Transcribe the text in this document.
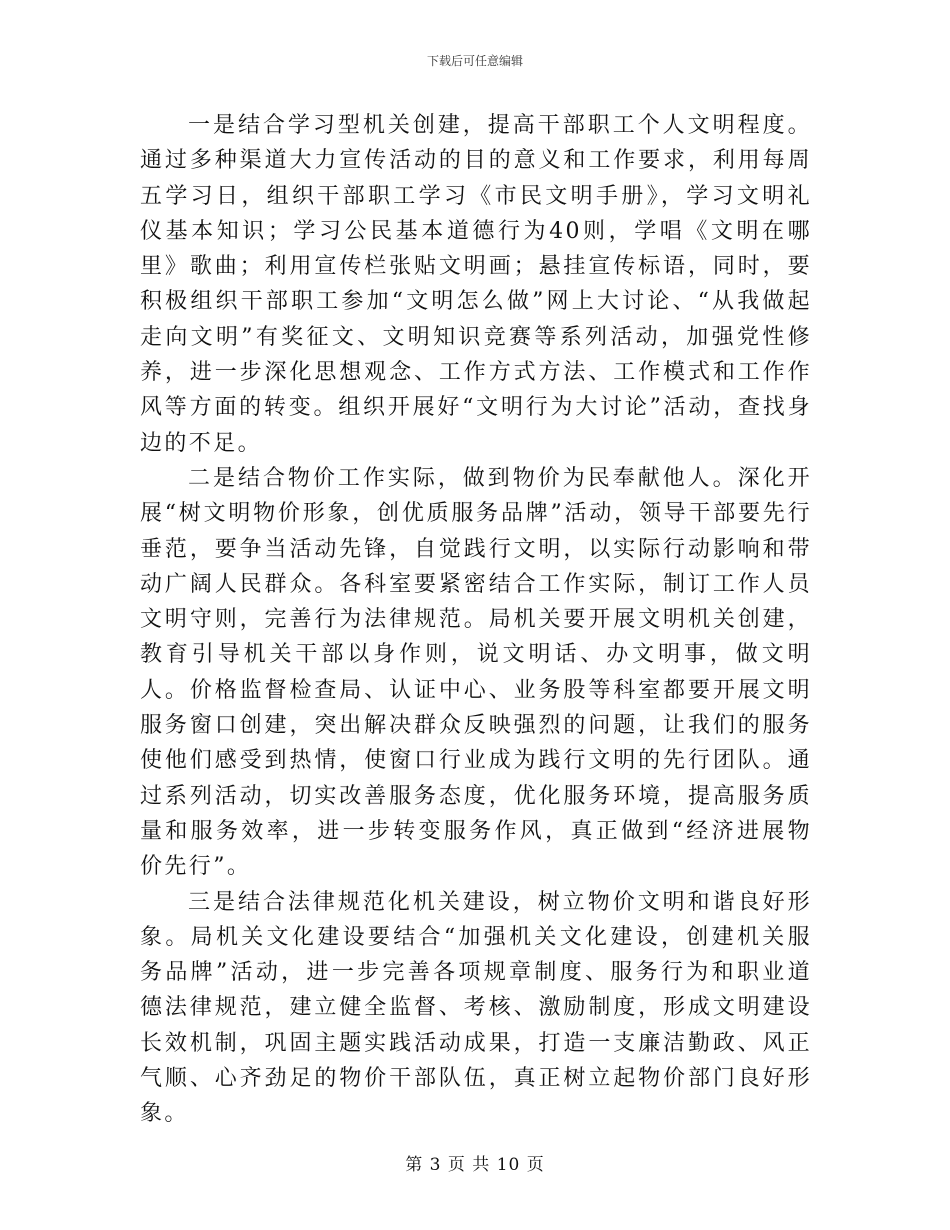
下载后可任意编辑

一是结合学习型机关创建，提高干部职工个人文明程度。通过多种渠道大力宣传活动的目的意义和工作要求，利用每周五学习日，组织干部职工学习《市民文明手册》，学习文明礼仪基本知识；学习公民基本道德行为40则，学唱《文明在哪里》歌曲；利用宣传栏张贴文明画；悬挂宣传标语，同时，要积极组织干部职工参加“文明怎么做”网上大讨论、“从我做起走向文明”有奖征文、文明知识竞赛等系列活动，加强党性修养，进一步深化思想观念、工作方式方法、工作模式和工作作风等方面的转变。组织开展好“文明行为大讨论”活动，查找身边的不足。

二是结合物价工作实际，做到物价为民奉献他人。深化开展“树文明物价形象，创优质服务品牌”活动，领导干部要先行垂范，要争当活动先锋，自觉践行文明，以实际行动影响和带动广阔人民群众。各科室要紧密结合工作实际，制订工作人员文明守则，完善行为法律规范。局机关要开展文明机关创建，教育引导机关干部以身作则，说文明话、办文明事，做文明人。价格监督检查局、认证中心、业务股等科室都要开展文明服务窗口创建，突出解决群众反映强烈的问题，让我们的服务使他们感受到热情，使窗口行业成为践行文明的先行团队。通过系列活动，切实改善服务态度，优化服务环境，提高服务质量和服务效率，进一步转变服务作风，真正做到“经济进展物价先行”。

三是结合法律规范化机关建设，树立物价文明和谐良好形象。局机关文化建设要结合“加强机关文化建设，创建机关服务品牌”活动，进一步完善各项规章制度、服务行为和职业道德法律规范，建立健全监督、考核、激励制度，形成文明建设长效机制，巩固主题实践活动成果，打造一支廉洁勤政、风正气顺、心齐劲足的物价干部队伍，真正树立起物价部门良好形象。

第 3 页 共 10 页
